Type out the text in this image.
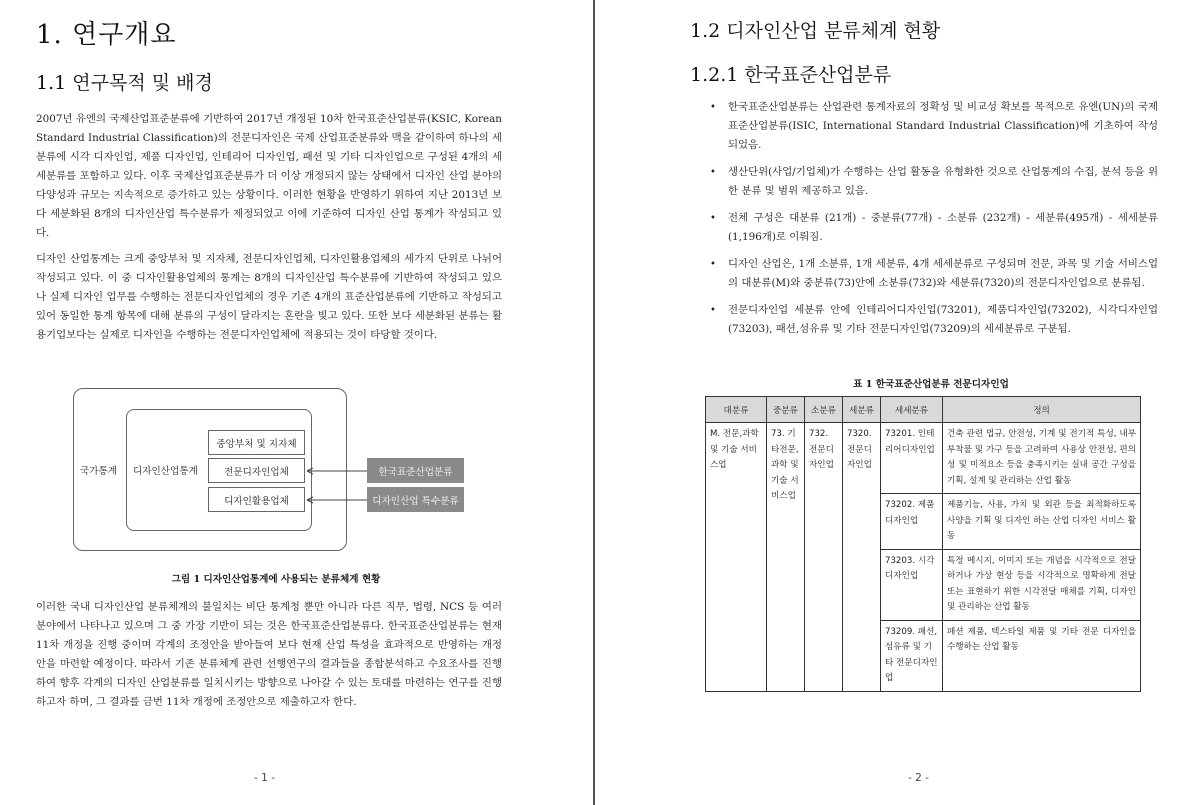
1. 연구개요
1.1 연구목적 및 배경

2007년 유엔의 국제산업표준분류에 기반하여 2017년 개정된 10차 한국표준산업분류(KSIC, Korean Standard Industrial Classification)의 전문디자인은 국제 산업표준분류와 맥을 같이하여 하나의 세분류에 시각 디자인업, 제품 디자인업, 인테리어 디자인업, 패션 및 기타 디자인업으로 구성된 4개의 세세분류를 포함하고 있다. 이후 국제산업표준분류가 더 이상 개정되지 않는 상태에서 디자인 산업 분야의 다양성과 규모는 지속적으로 증가하고 있는 상황이다. 이러한 현황을 반영하기 위하여 지난 2013년 보다 세분화된 8개의 디자인산업 특수분류가 제정되었고 이에 기준하여 디자인 산업 통계가 작성되고 있다.

디자인 산업통계는 크게 중앙부처 및 지자체, 전문디자인업체, 디자인활용업체의 세가지 단위로 나뉘어 작성되고 있다. 이 중 디자인활용업체의 통계는 8개의 디자인산업 특수분류에 기반하여 작성되고 있으나 실제 디자인 업무를 수행하는 전문디자인업체의 경우 기존 4개의 표준산업분류에 기반하고 작성되고 있어 동일한 통계 항목에 대해 분류의 구성이 달라지는 혼란을 빚고 있다. 또한 보다 세분화된 분류는 활용기업보다는 실제로 디자인을 수행하는 전문디자인업체에 적용되는 것이 타당할 것이다.

국가통계 디자인산업통계
중앙부처 및 지자체
전문디자인업체
디자인활용업체
한국표준산업분류
디자인산업 특수분류
그림 1 디자인산업통계에 사용되는 분류체계 현황

이러한 국내 디자인산업 분류체계의 불일치는 비단 통계청 뿐만 아니라 다른 직무, 법령, NCS 등 여러 분야에서 나타나고 있으며 그 중 가장 기반이 되는 것은 한국표준산업분류다. 한국표준산업분류는 현재 11차 개정을 진행 중이며 각계의 조정안을 받아들여 보다 현재 산업 특성을 효과적으로 반영하는 개정안을 마련할 예정이다. 따라서 기존 분류체계 관련 선행연구의 결과들을 종합분석하고 수요조사를 진행하여 향후 각계의 디자인 산업분류를 일치시키는 방향으로 나아갈 수 있는 토대를 마련하는 연구를 진행하고자 하며, 그 결과를 금번 11차 개정에 조정안으로 제출하고자 한다.

- 1 -
1.2 디자인산업 분류체계 현황
1.2.1 한국표준산업분류
• 한국표준산업분류는 산업관련 통계자료의 정확성 및 비교성 확보를 목적으로 유엔(UN)의 국제표준산업분류(ISIC, International Standard Industrial Classification)에 기초하여 작성되었음.
• 생산단위(사업/기업체)가 수행하는 산업 활동을 유형화한 것으로 산업통계의 수집, 분석 등을 위한 분류 및 범위 제공하고 있음.
• 전체 구성은 대분류 (21개) - 중분류(77개) - 소분류 (232개) - 세분류(495개) - 세세분류(1,196개)로 이뤄짐.
• 디자인 산업은, 1개 소분류, 1개 세분류, 4개 세세분류로 구성되며 전문, 과목 및 기술 서비스업의 대분류(M)와 중분류(73)안에 소분류(732)와 세분류(7320)의 전문디자인업으로 분류됨.
• 전문디자인업 세분류 안에 인테리어디자인업(73201), 제품디자인업(73202), 시각디자인업(73203), 패션,섬유류 및 기타 전문디자인업(73209)의 세세분류로 구분됨.
표 1 한국표준산업분류 전문디자인업
대분류	중분류	소분류	세분류	세세분류	정의
M. 전문,과학 및 기술 서비스업	73. 기타전문,과학 및 기술 서비스업	732. 전문디자인업	7320. 전문디자인업	73201. 인테리어디자인업	건축 관련 법규, 안전성, 기계 및 전기적 특성, 내부 부착물 및 가구 등을 고려하여 사용상 안전성, 편의성 및 미적요소 등을 충족시키는 실내 공간 구성을 기획, 설계 및 관리하는 산업 활동
				73202. 제품디자인업	제품기능, 사용, 가치 및 외관 등을 최적화하도록 사양을 기획 및 디자인 하는 산업 디자인 서비스 활동
				73203. 시각디자인업	특정 메시지, 이미지 또는 개념을 시각적으로 전달하거나 가상 현상 등을 시각적으로 명확하게 전달 또는 표현하기 위한 시각전달 매체를 기획, 디자인 및 관리하는 산업 활동
				73209. 패션, 섬유류 및 기타 전문디자인업	패션 제품, 텍스타일 제품 및 기타 전문 디자인을 수행하는 산업 활동
- 2 -
